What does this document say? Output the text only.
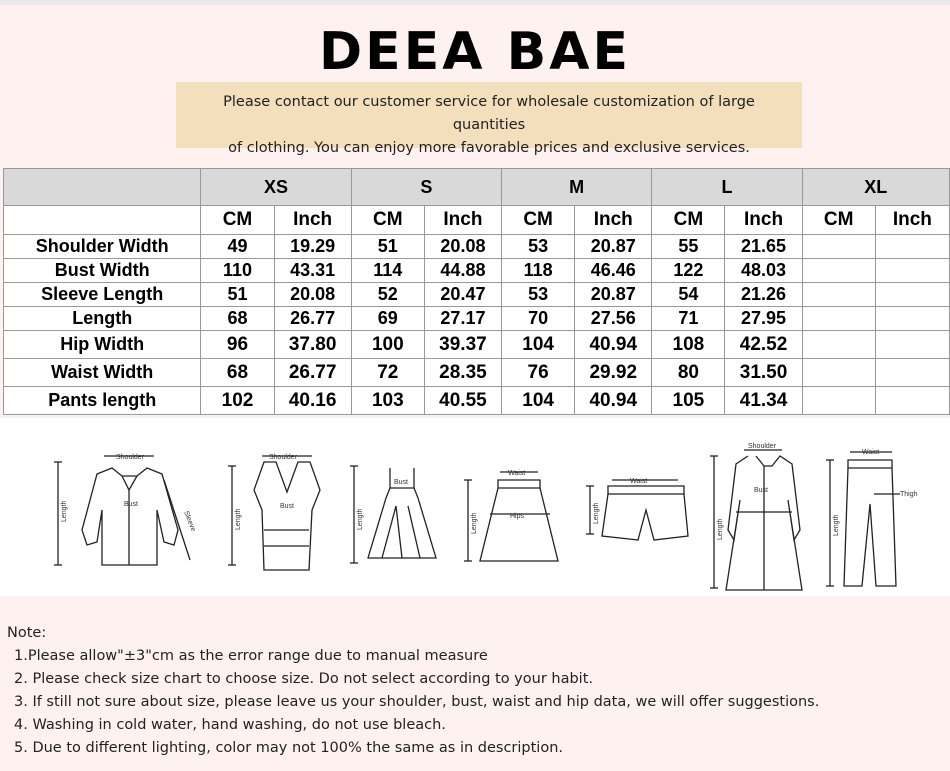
DEEA BAE
Please contact our customer service for wholesale customization of large quantities
of clothing. You can enjoy more favorable prices and exclusive services.
	XS		S		M		L		XL	
	CM	Inch	CM	Inch	CM	Inch	CM	Inch	CM	Inch
Shoulder Width	49	19.29	51	20.08	53	20.87	55	21.65		
Bust Width	110	43.31	114	44.88	118	46.46	122	48.03		
Sleeve Length	51	20.08	52	20.47	53	20.87	54	21.26		
Length	68	26.77	69	27.17	70	27.56	71	27.95		
Hip Width	96	37.80	100	39.37	104	40.94	108	42.52		
Waist Width	68	26.77	72	28.35	76	29.92	80	31.50		
Pants length	102	40.16	103	40.55	104	40.94	105	41.34		
Shoulder
Sleeve
Length	Bust
Shoulder
Bust
Length
Bust
Length
Waist
Hips
Length
Waist
Length
Shoulder
Bust
Length
Waist
Thigh
Length
Note:
1.Please allow"±3"cm as the error range due to manual measure
2. Please check size chart to choose size. Do not select according to your habit.
3. If still not sure about size, please leave us your shoulder, bust, waist and hip data, we will offer suggestions.
4. Washing in cold water, hand washing, do not use bleach.
5. Due to different lighting, color may not 100% the same as in description.
